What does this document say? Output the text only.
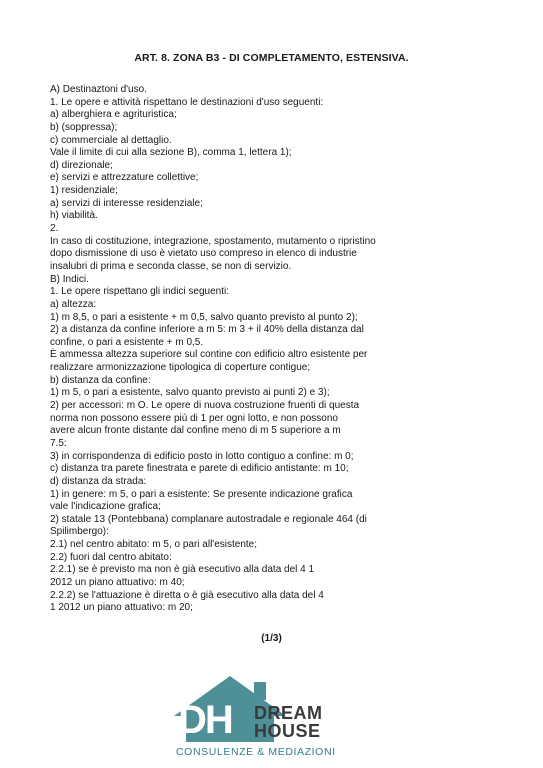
ART. 8. ZONA B3 - DI COMPLETAMENTO, ESTENSIVA.
A) Destinaztoni d'uso.
1. Le opere e attività rispettano le destinazioni d'uso seguenti:
a) alberghiera e agrituristica;
b) (soppressa);
c) commerciale al dettaglio.
Vale il limite di cui alla sezione B), comma 1, lettera 1);
d) direzionale;
e) servizi e attrezzature collettive;
1) residenziale;
a) servizi di interesse residenziale;
h) viabilità.
2.
In caso di costituzione, integrazione, spostamento, mutamento o ripristino
dopo dismissione di uso è vietato uso compreso in elenco di industrie
insalubri di prima e seconda classe, se non di servizio.
B) Indici.
1. Le opere rispettano gli indici seguenti:
a) altezza:
1) m 8,5, o pari a esistente + m 0,5, salvo quanto previsto al punto 2);
2) a distanza da confine inferiore a m 5: m 3 + il 40% della distanza dal
confine, o pari a esistente + m 0,5.
È ammessa altezza superiore sul contine con edificio altro esistente per
realizzare armonizzazione tipologica di coperture contigue;
b) distanza da confine:
1) m 5, o pari a esistente, salvo quanto previsto ai punti 2) e 3);
2) per accessori: m O. Le opere di nuova costruzione fruenti di questa
norma non possono essere più di 1 per ogni lotto, e non possono
avere alcun fronte distante dal confine meno di m 5 superiore a m
7.5:
3) in corrispondenza di edificio posto in lotto contiguo a confine: m 0;
c) distanza tra parete finestrata e parete di edificio antistante: m 10;
d) distanza da strada:
1) in genere: m 5, o pari a esistente: Se presente indicazione grafica
vale l'indicazione grafica;
2) statale 13 (Pontebbana) complanare autostradale e regionale 464 (di
Spilimbergo):
2.1) nel centro abitato: m 5, o pari all'esistente;
2.2) fuori dal centro abitato:
2.2.1) se è previsto ma non è già esecutivo alla data del 4 1
2012 un piano attuativo: m 40;
2.2.2) se l'attuazione è diretta o è già esecutivo alla data del 4
1 2012 un piano attuativo: m 20;
(1/3)
DH DREAM
HOUSE
CONSULENZE & MEDIAZIONI
